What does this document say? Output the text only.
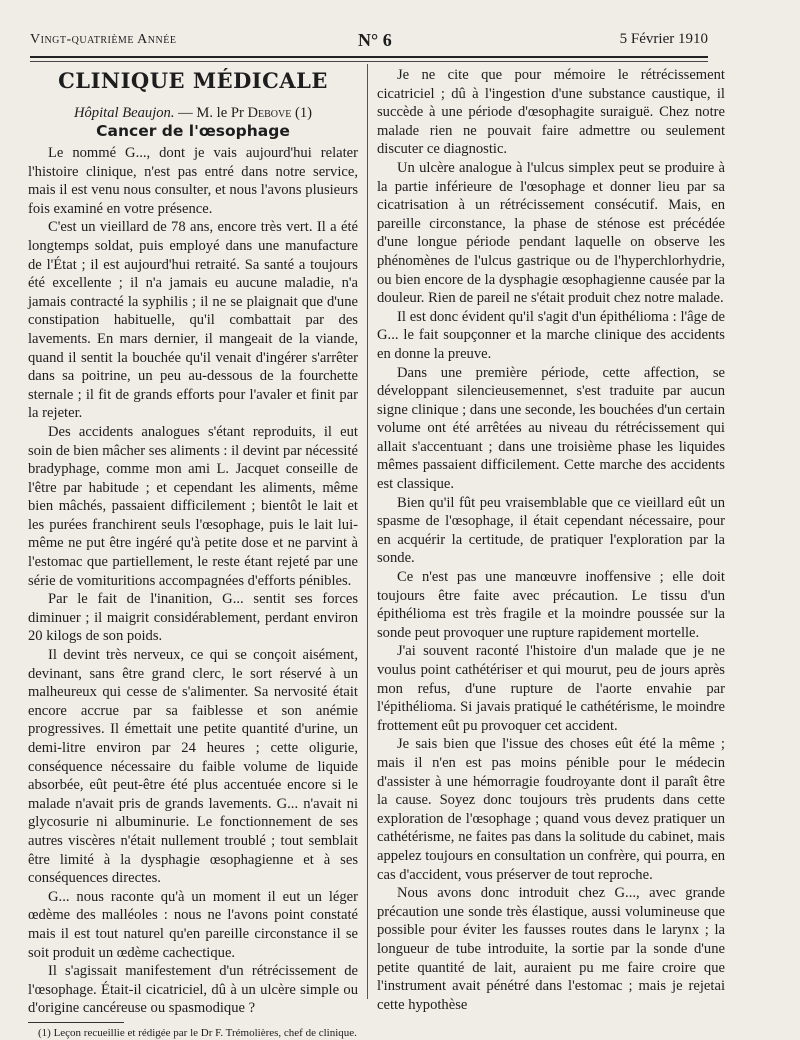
Vingt-quatrième Année	N° 6	5 Février 1910
CLINIQUE MÉDICALE
Hôpital Beaujon. — M. le Pr Debove (1)
Cancer de l'œsophage

Le nommé G..., dont je vais aujourd'hui relater l'histoire clinique, n'est pas entré dans notre service, mais il est venu nous consulter, et nous l'avons plusieurs fois examiné en votre présence.

C'est un vieillard de 78 ans, encore très vert. Il a été longtemps soldat, puis employé dans une manufacture de l'État ; il est aujourd'hui retraité. Sa santé a toujours été excellente ; il n'a jamais eu aucune maladie, n'a jamais contracté la syphilis ; il ne se plaignait que d'une constipation habituelle, qu'il combattait par des lavements. En mars dernier, il mangeait de la viande, quand il sentit la bouchée qu'il venait d'ingérer s'arrêter dans sa poitrine, un peu au-dessous de la fourchette sternale ; il fit de grands efforts pour l'avaler et finit par la rejeter.

Des accidents analogues s'étant reproduits, il eut soin de bien mâcher ses aliments : il devint par nécessité bradyphage, comme mon ami L. Jacquet conseille de l'être par habitude ; et cependant les aliments, même bien mâchés, passaient difficilement ; bientôt le lait et les purées franchirent seuls l'œsophage, puis le lait lui-même ne put être ingéré qu'à petite dose et ne parvint à l'estomac que partiellement, le reste étant rejeté par une série de vomituritions accompagnées d'efforts pénibles.

Par le fait de l'inanition, G... sentit ses forces diminuer ; il maigrit considérablement, perdant environ 20 kilogs de son poids.

Il devint très nerveux, ce qui se conçoit aisément, devinant, sans être grand clerc, le sort réservé à un malheureux qui cesse de s'alimenter. Sa nervosité était encore accrue par sa faiblesse et son anémie progressives. Il émettait une petite quantité d'urine, un demi-litre environ par 24 heures ; cette oligurie, conséquence nécessaire du faible volume de liquide absorbée, eût peut-être été plus accentuée encore si le malade n'avait pris de grands lavements. G... n'avait ni glycosurie ni albuminurie. Le fonctionnement de ses autres viscères n'était nullement troublé ; tout semblait être limité à la dysphagie œsophagienne et à ses conséquences directes.

G... nous raconte qu'à un moment il eut un léger œdème des malléoles : nous ne l'avons point constaté mais il est tout naturel qu'en pareille circonstance il se soit produit un œdème cachectique.

Il s'agissait manifestement d'un rétrécissement de l'œsophage. Était-il cicatriciel, dû à un ulcère simple ou d'origine cancéreuse ou spasmodique ?

(1) Leçon recueillie et rédigée par le Dr F. Trémolières, chef de clinique.

Je ne cite que pour mémoire le rétrécissement cicatriciel ; dû à l'ingestion d'une substance caustique, il succède à une période d'œsophagite suraiguë. Chez notre malade rien ne pouvait faire admettre ou seulement discuter ce diagnostic.

Un ulcère analogue à l'ulcus simplex peut se produire à la partie inférieure de l'œsophage et donner lieu par sa cicatrisation à un rétrécissement consécutif. Mais, en pareille circonstance, la phase de sténose est précédée d'une longue période pendant laquelle on observe les phénomènes de l'ulcus gastrique ou de l'hyperchlorhydrie, ou bien encore de la dysphagie œsophagienne causée par la douleur. Rien de pareil ne s'était produit chez notre malade.

Il est donc évident qu'il s'agit d'un épithélioma : l'âge de G... le fait soupçonner et la marche clinique des accidents en donne la preuve.

Dans une première période, cette affection, se développant silencieusemennet, s'est traduite par aucun signe clinique ; dans une seconde, les bouchées d'un certain volume ont été arrêtées au niveau du rétrécissement qui allait s'accentuant ; dans une troisième phase les liquides mêmes passaient difficilement. Cette marche des accidents est classique.

Bien qu'il fût peu vraisemblable que ce vieillard eût un spasme de l'œsophage, il était cependant nécessaire, pour en acquérir la certitude, de pratiquer l'exploration par la sonde.

Ce n'est pas une manœuvre inoffensive ; elle doit toujours être faite avec précaution. Le tissu d'un épithélioma est très fragile et la moindre poussée sur la sonde peut provoquer une rupture rapidement mortelle.

J'ai souvent raconté l'histoire d'un malade que je ne voulus point cathétériser et qui mourut, peu de jours après mon refus, d'une rupture de l'aorte envahie par l'épithélioma. Si javais pratiqué le cathétérisme, le moindre frottement eût pu provoquer cet accident.

Je sais bien que l'issue des choses eût été la même ; mais il n'en est pas moins pénible pour le médecin d'assister à une hémorragie foudroyante dont il paraît être la cause. Soyez donc toujours très prudents dans cette exploration de l'œsophage ; quand vous devez pratiquer un cathétérisme, ne faites pas dans la solitude du cabinet, mais appelez toujours en consultation un confrère, qui pourra, en cas d'accident, vous préserver de tout reproche.

Nous avons donc introduit chez G..., avec grande précaution une sonde très élastique, aussi volumineuse que possible pour éviter les fausses routes dans le larynx ; la longueur de tube introduite, la sortie par la sonde d'une petite quantité de lait, auraient pu me faire croire que l'instrument avait pénétré dans l'estomac ; mais je rejetai cette hypothèse
